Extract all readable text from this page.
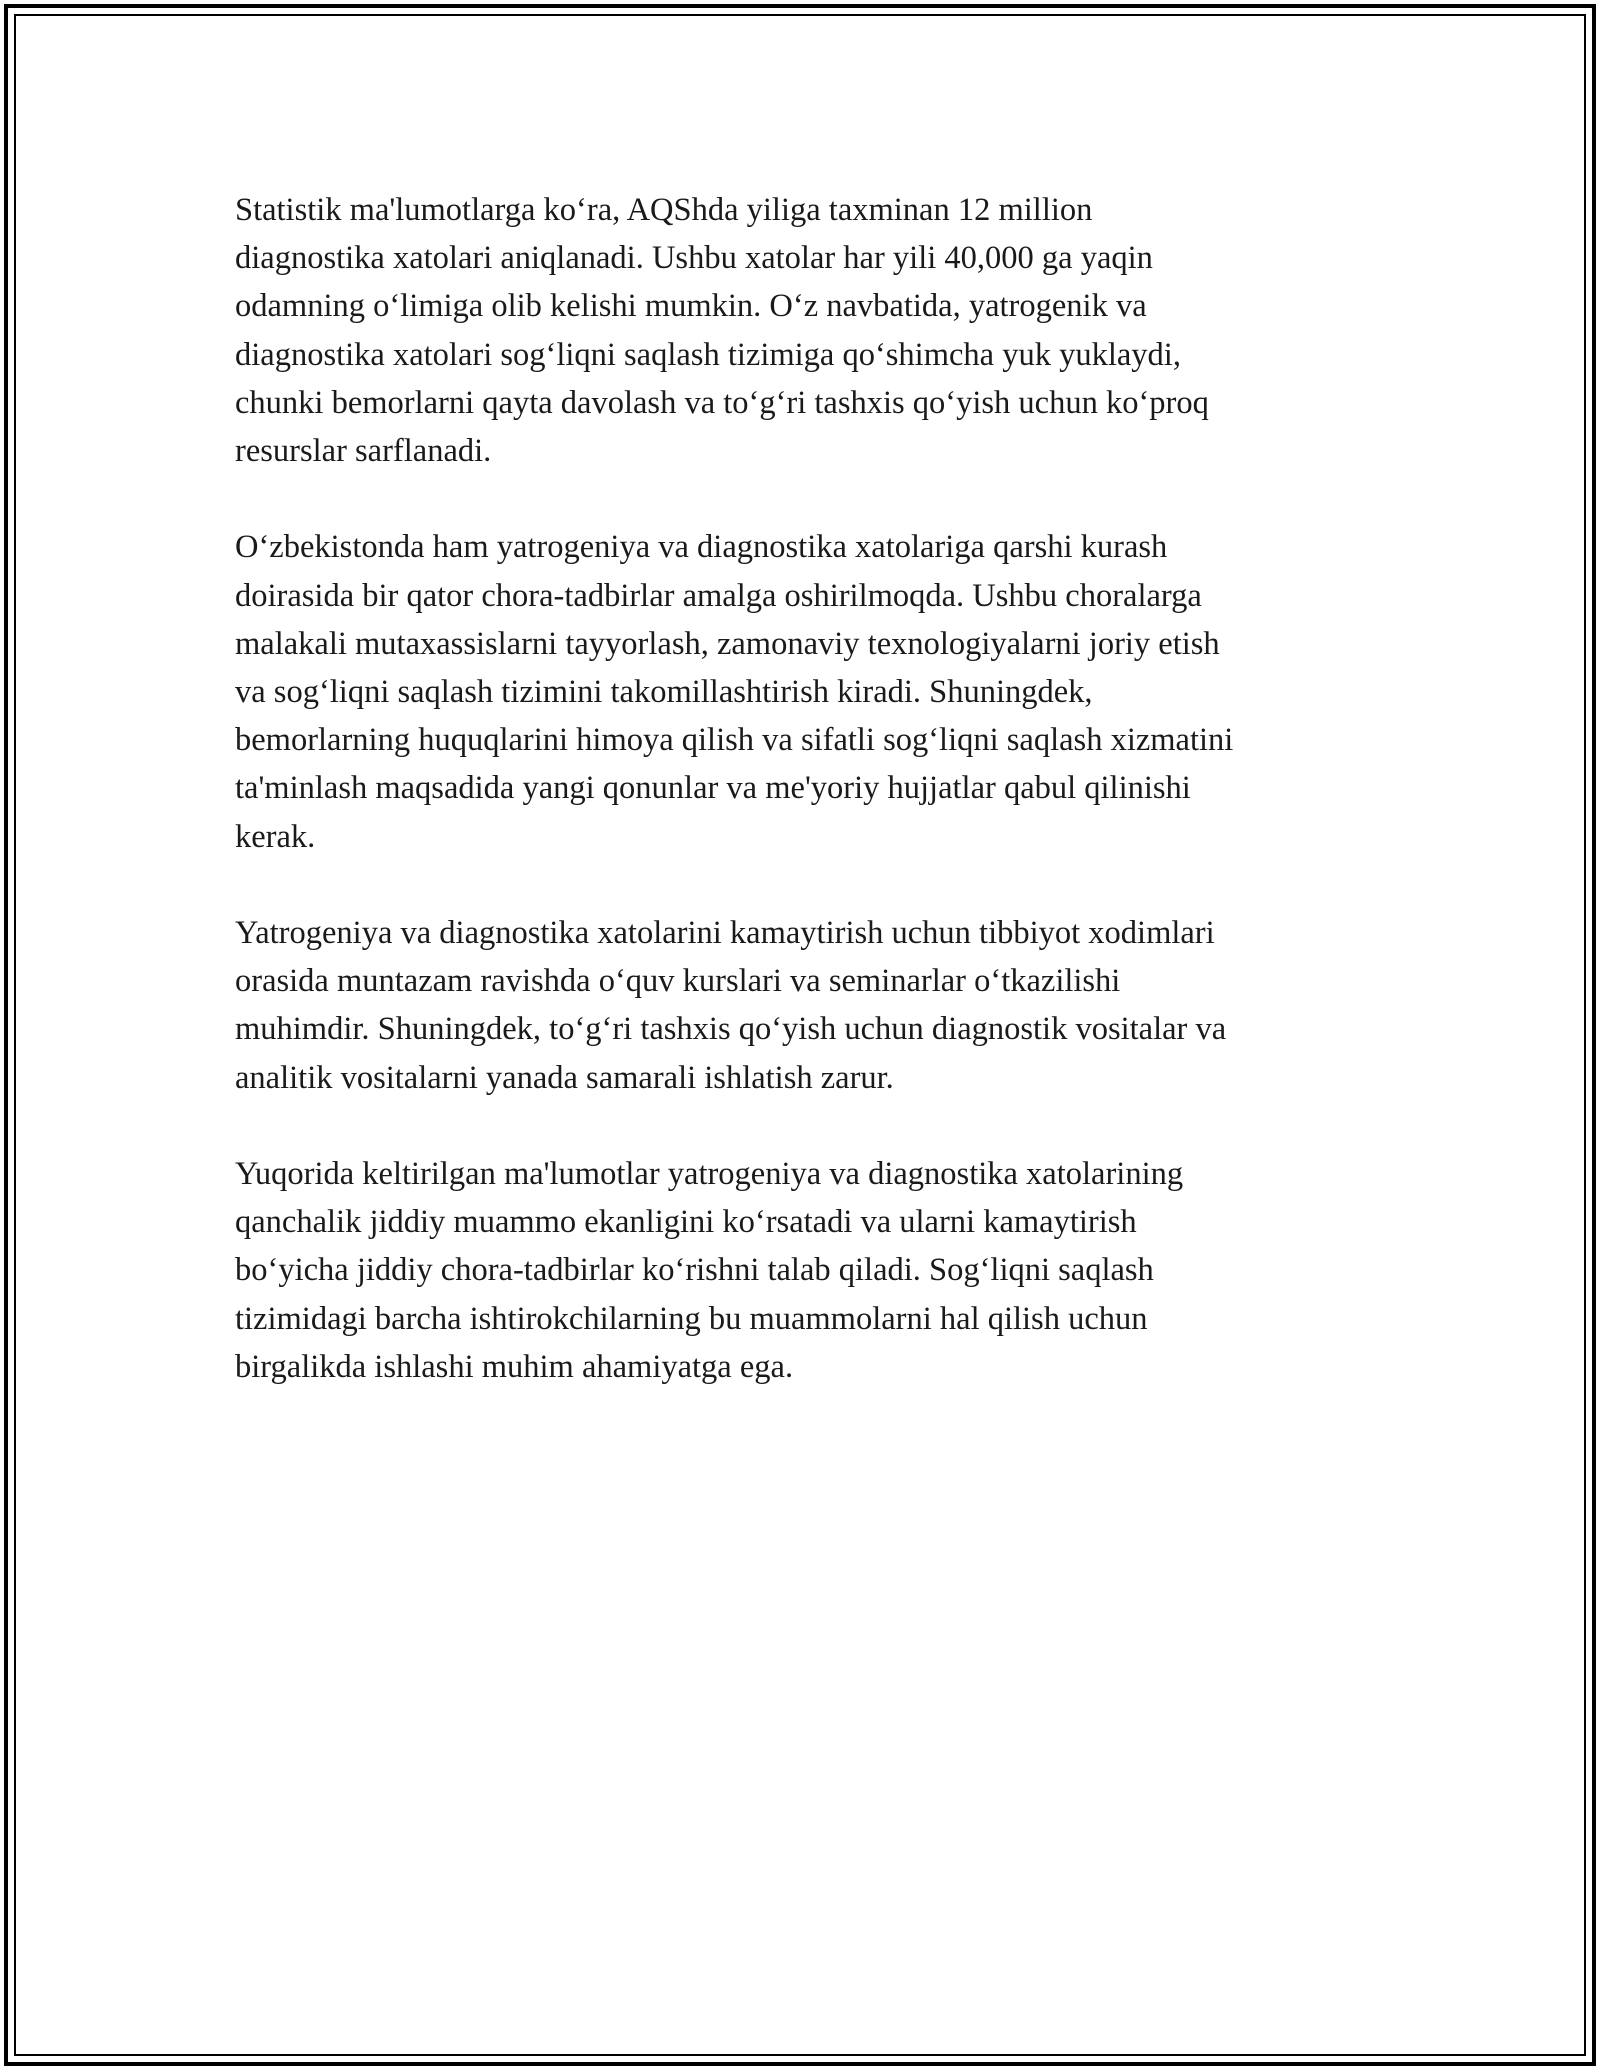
Statistik ma'lumotlarga koʻra, AQShda yiliga taxminan 12 million
diagnostika xatolari aniqlanadi. Ushbu xatolar har yili 40,000 ga yaqin
odamning oʻlimiga olib kelishi mumkin. Oʻz navbatida, yatrogenik va
diagnostika xatolari sogʻliqni saqlash tizimiga qoʻshimcha yuk yuklaydi,
chunki bemorlarni qayta davolash va toʻgʻri tashxis qoʻyish uchun koʻproq
resurslar sarflanadi.

Oʻzbekistonda ham yatrogeniya va diagnostika xatolariga qarshi kurash
doirasida bir qator chora-tadbirlar amalga oshirilmoqda. Ushbu choralarga
malakali mutaxassislarni tayyorlash, zamonaviy texnologiyalarni joriy etish
va sogʻliqni saqlash tizimini takomillashtirish kiradi. Shuningdek,
bemorlarning huquqlarini himoya qilish va sifatli sogʻliqni saqlash xizmatini
ta'minlash maqsadida yangi qonunlar va me'yoriy hujjatlar qabul qilinishi
kerak.

Yatrogeniya va diagnostika xatolarini kamaytirish uchun tibbiyot xodimlari
orasida muntazam ravishda oʻquv kurslari va seminarlar oʻtkazilishi
muhimdir. Shuningdek, toʻgʻri tashxis qoʻyish uchun diagnostik vositalar va
analitik vositalarni yanada samarali ishlatish zarur.

Yuqorida keltirilgan ma'lumotlar yatrogeniya va diagnostika xatolarining
qanchalik jiddiy muammo ekanligini koʻrsatadi va ularni kamaytirish
boʻyicha jiddiy chora-tadbirlar koʻrishni talab qiladi. Sogʻliqni saqlash
tizimidagi barcha ishtirokchilarning bu muammolarni hal qilish uchun
birgalikda ishlashi muhim ahamiyatga ega.
